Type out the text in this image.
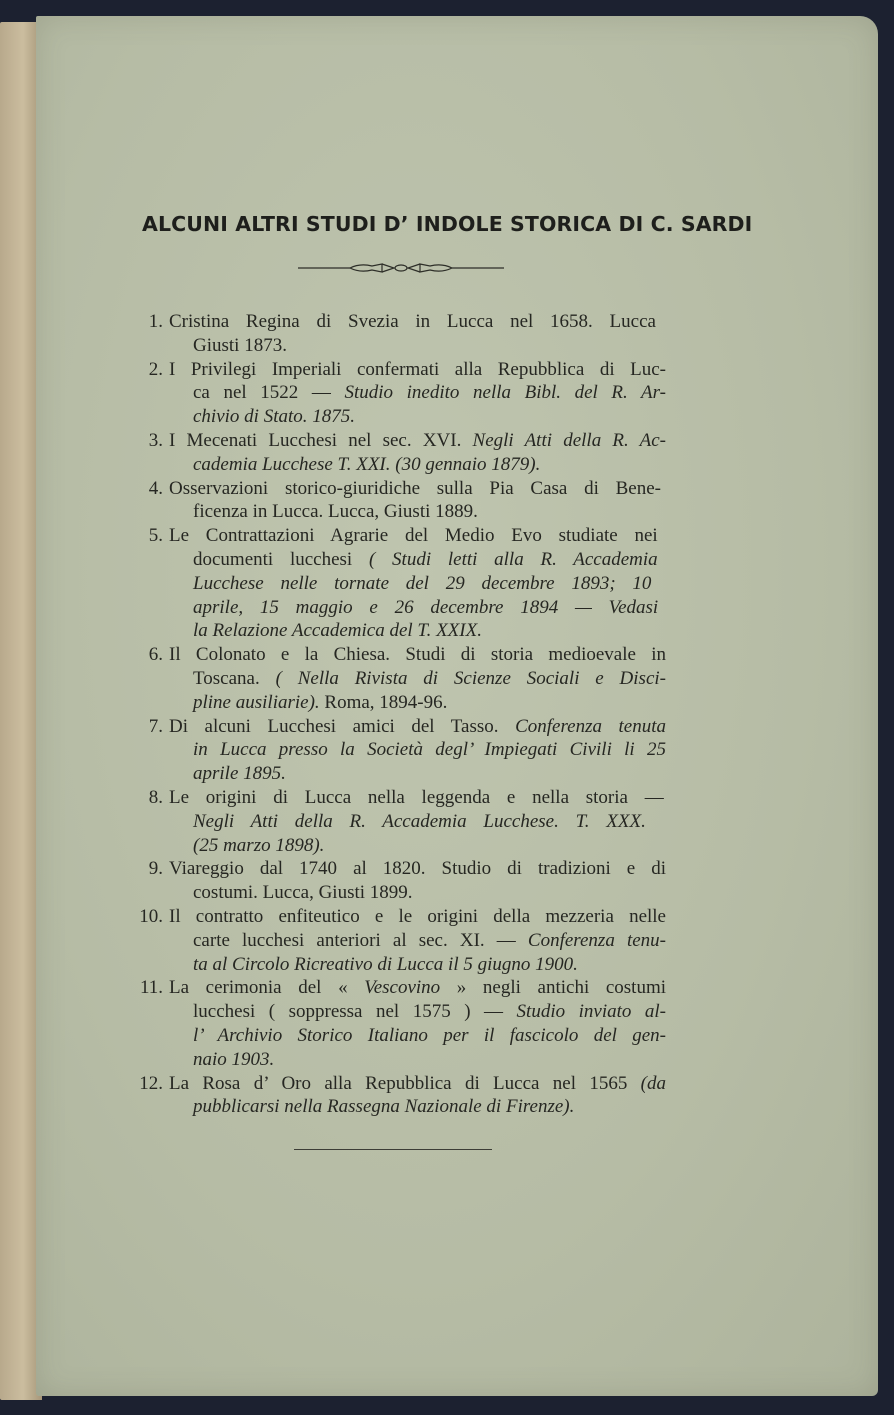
ALCUNI ALTRI STUDI D’ INDOLE STORICA DI C. SARDI
Cristina Regina di Svezia in Lucca nel 1658. Lucca
1.
Giusti 1873.
I Privilegi Imperiali confermati alla Repubblica di Luc-
2.
ca nel 1522 — Studio inedito nella Bibl. del R. Ar-
chivio di Stato. 1875.
I Mecenati Lucchesi nel sec. XVI. Negli Atti della R. Ac-
3.
cademia Lucchese T. XXI. (30 gennaio 1879).
Osservazioni storico-giuridiche sulla Pia Casa di Bene-
4.
ficenza in Lucca. Lucca, Giusti 1889.
Le Contrattazioni Agrarie del Medio Evo studiate nei
5.
documenti lucchesi ( Studi letti alla R. Accademia
Lucchese nelle tornate del 29 decembre 1893; 10
aprile, 15 maggio e 26 decembre 1894 — Vedasi
la Relazione Accademica del T. XXIX.
Il Colonato e la Chiesa. Studi di storia medioevale in
6.
Toscana. ( Nella Rivista di Scienze Sociali e Disci-
pline ausiliarie). Roma, 1894-96.
Di alcuni Lucchesi amici del Tasso. Conferenza tenuta
7.
in Lucca presso la Società degl’ Impiegati Civili li 25
aprile 1895.
Le origini di Lucca nella leggenda e nella storia —
8.
Negli Atti della R. Accademia Lucchese. T. XXX.
(25 marzo 1898).
Viareggio dal 1740 al 1820. Studio di tradizioni e di
9.
costumi. Lucca, Giusti 1899.
Il contratto enfiteutico e le origini della mezzeria nelle
10.
carte lucchesi anteriori al sec. XI. — Conferenza tenu-
ta al Circolo Ricreativo di Lucca il 5 giugno 1900.
La cerimonia del « Vescovino » negli antichi costumi
11.
lucchesi ( soppressa nel 1575 ) — Studio inviato al-
l’ Archivio Storico Italiano per il fascicolo del gen-
naio 1903.
La Rosa d’ Oro alla Repubblica di Lucca nel 1565 (da
12.
pubblicarsi nella Rassegna Nazionale di Firenze).
